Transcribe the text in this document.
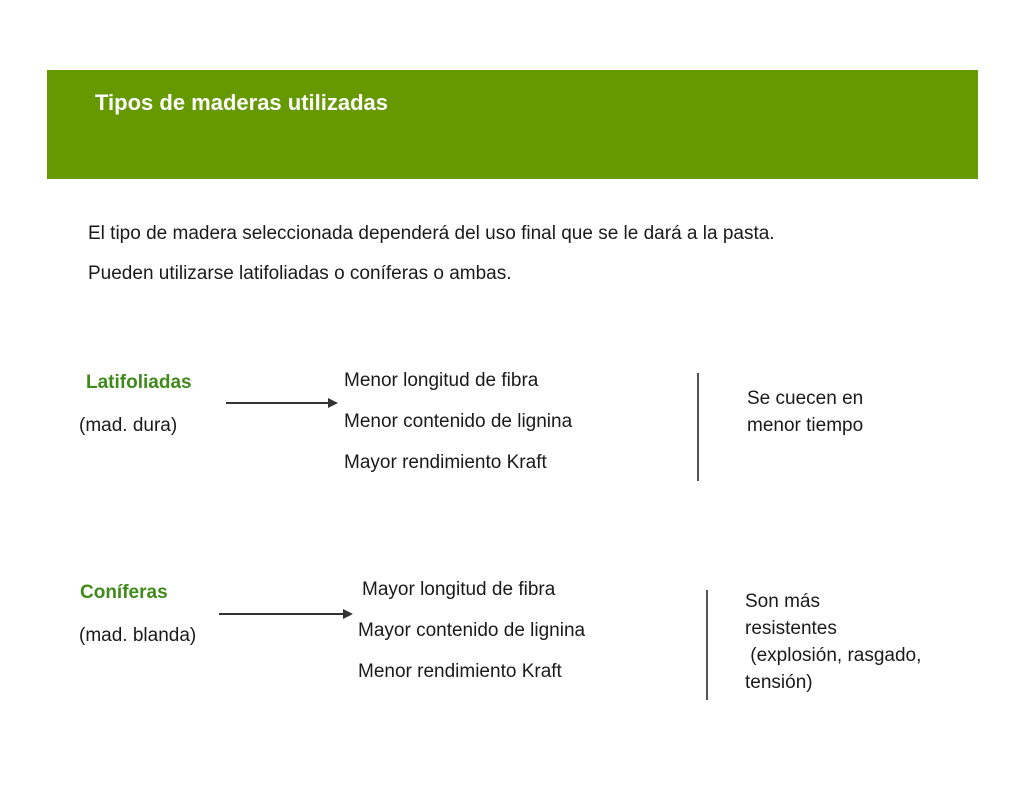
Tipos de maderas utilizadas
El tipo de madera seleccionada dependerá del uso final que se le dará a la pasta.
Pueden utilizarse latifoliadas o coníferas o ambas.
Latifoliadas
(mad. dura)
Menor longitud de fibra
Menor contenido de lignina
Mayor rendimiento Kraft
Se cuecen en
menor tiempo
Coníferas
(mad. blanda)
Mayor longitud de fibra
Mayor contenido de lignina
Menor rendimiento Kraft
Son más
resistentes
(explosión, rasgado,
tensión)
